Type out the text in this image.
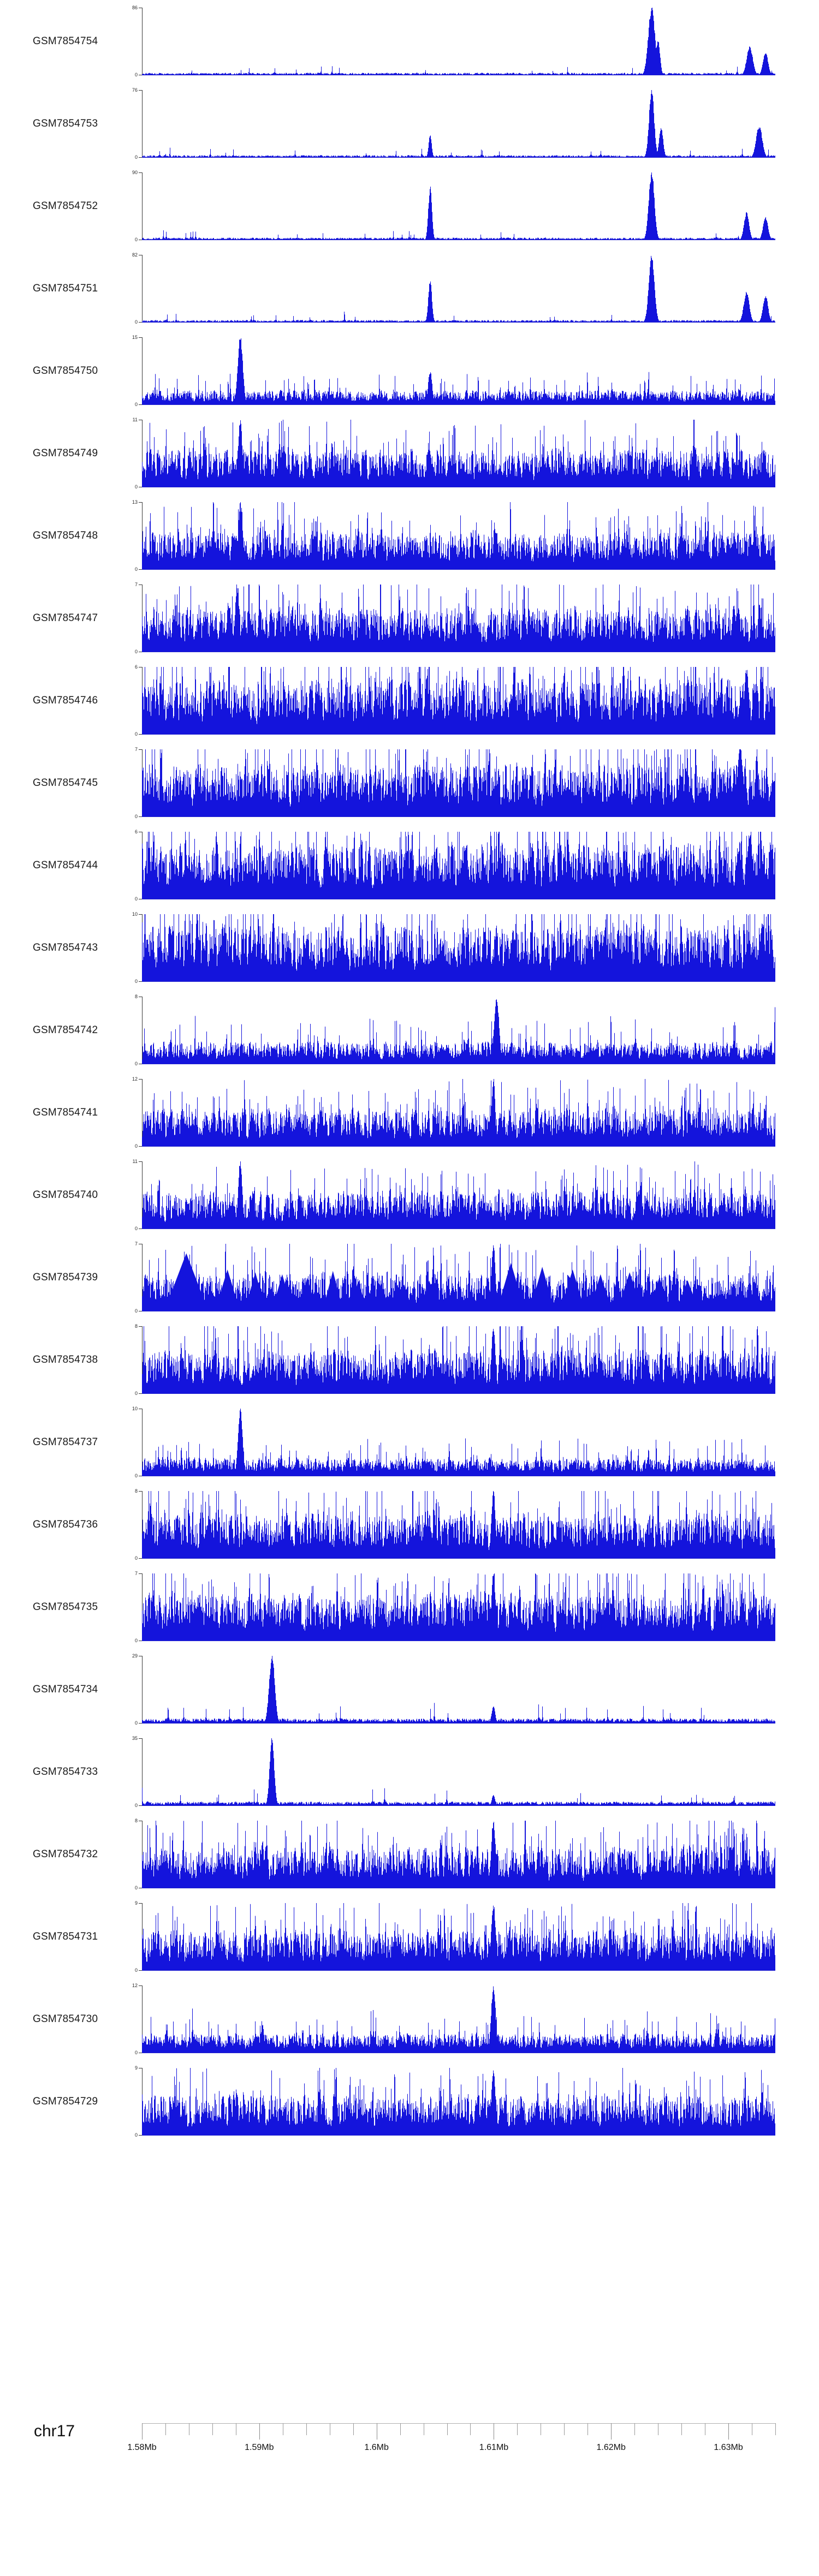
GSM7854754
86
0
GSM7854753
76
0
GSM7854752
90
0
GSM7854751
82
0
GSM7854750
15
0
GSM7854749
11
0
GSM7854748
13
0
GSM7854747
7
0
GSM7854746
6
0
GSM7854745
7
0
GSM7854744
6
0
GSM7854743
10
0
GSM7854742
8
0
GSM7854741
12
0
GSM7854740
11
0
GSM7854739
7
0
GSM7854738
8
0
GSM7854737
10
0
GSM7854736
8
0
GSM7854735
7
0
GSM7854734
29
0
GSM7854733
35
0
GSM7854732
8
0
GSM7854731
9
0
GSM7854730
12
0
GSM7854729
9
0
chr17
1.58Mb	1.59Mb	1.6Mb	1.61Mb	1.62Mb	1.63Mb
